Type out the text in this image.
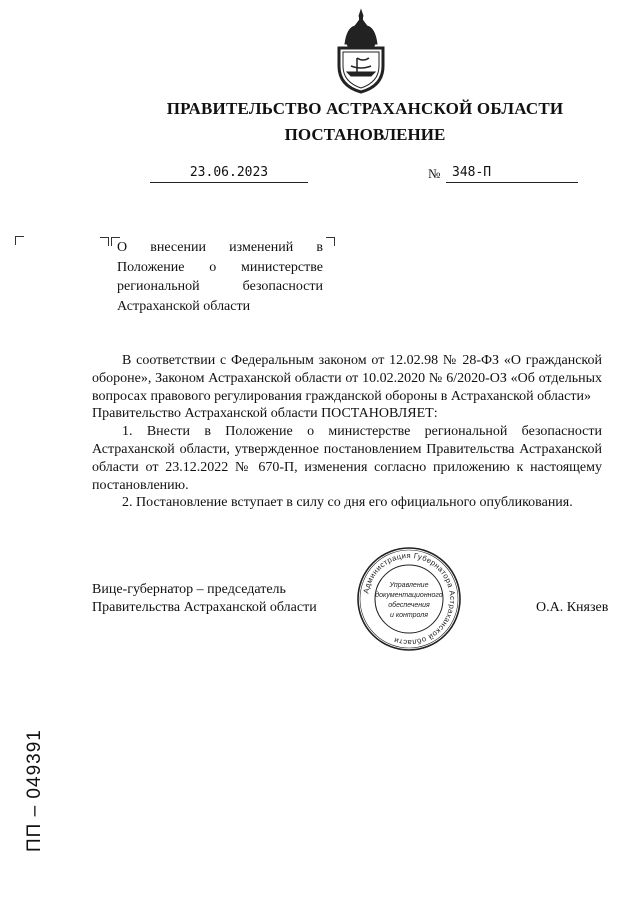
ПРАВИТЕЛЬСТВО АСТРАХАНСКОЙ ОБЛАСТИ
ПОСТАНОВЛЕНИЕ
23.06.2023	№ 348-П
О внесении изменений в Положение о министерстве региональной безопасности Астраханской области

В соответствии с Федеральным законом от 12.02.98 № 28-ФЗ «О гражданской обороне», Законом Астраханской области от 10.02.2020 № 6/2020-ОЗ «Об отдельных вопросах правового регулирования гражданской обороны в Астраханской области»

Правительство Астраханской области ПОСТАНОВЛЯЕТ:

1. Внести в Положение о министерстве региональной безопасности Астраханской области, утвержденное постановлением Правительства Астраханской области от 23.12.2022 № 670-П, изменения согласно приложению к настоящему постановлению.

2. Постановление вступает в силу со дня его официального опубликования.

Вице-губернатор – председатель
Правительства Астраханской области	О.А. Князев
Администрация Губернатора Астраханской области
Управление
документационного
обеспечения
и контроля
ПП – 049391
